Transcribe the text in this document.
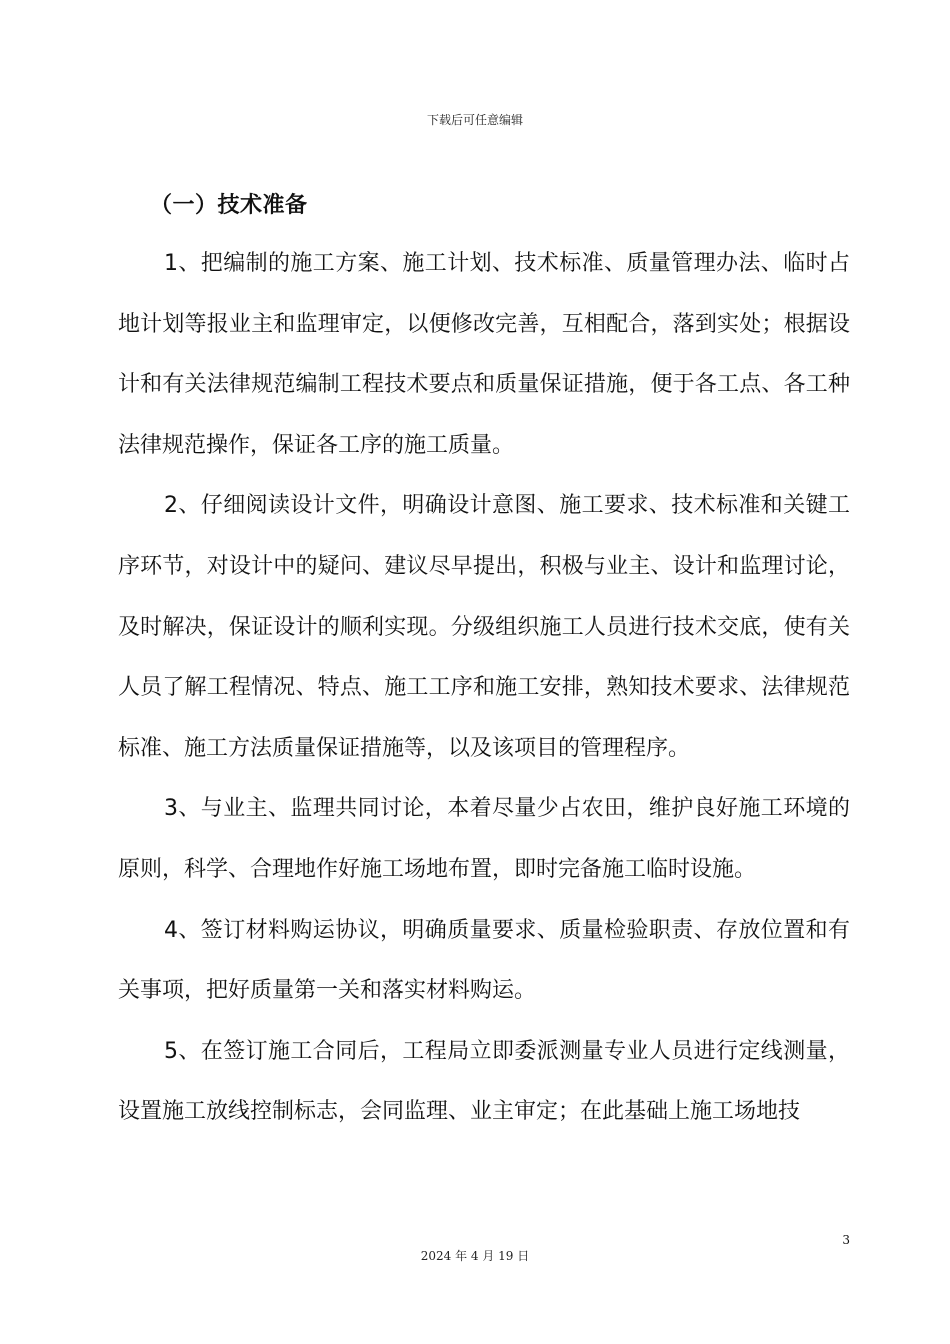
下载后可任意编辑
（一）技术准备

1、把编制的施工方案、施工计划、技术标准、质量管理办法、临时占地计划等报业主和监理审定，以便修改完善，互相配合，落到实处；根据设计和有关法律规范编制工程技术要点和质量保证措施，便于各工点、各工种法律规范操作，保证各工序的施工质量。

2、仔细阅读设计文件，明确设计意图、施工要求、技术标准和关键工序环节，对设计中的疑问、建议尽早提出，积极与业主、设计和监理讨论，及时解决，保证设计的顺利实现。分级组织施工人员进行技术交底，使有关人员了解工程情况、特点、施工工序和施工安排，熟知技术要求、法律规范标准、施工方法质量保证措施等，以及该项目的管理程序。

3、与业主、监理共同讨论，本着尽量少占农田，维护良好施工环境的原则，科学、合理地作好施工场地布置，即时完备施工临时设施。

4、签订材料购运协议，明确质量要求、质量检验职责、存放位置和有关事项，把好质量第一关和落实材料购运。

5、在签订施工合同后，工程局立即委派测量专业人员进行定线测量，设置施工放线控制标志，会同监理、业主审定；在此基础上施工场地技

3
2024 年 4 月 19 日
